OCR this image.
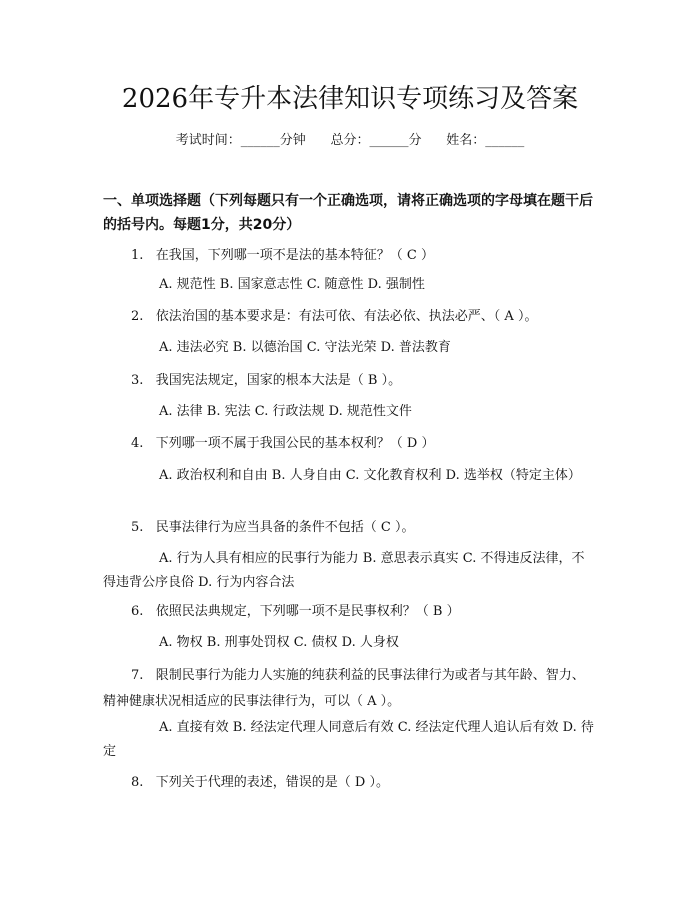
2026年专升本法律知识专项练习及答案
考试时间：______分钟      总分：______分      姓名：______
一、单项选择题（下列每题只有一个正确选项，请将正确选项的字母填在题干后的括号内。每题1分，共20分）
1.   在我国，下列哪一项不是法的基本特征？（ C ）
A. 规范性 B. 国家意志性 C. 随意性 D. 强制性
2.   依法治国的基本要求是：有法可依、有法必依、执法必严、（ A ）。
A. 违法必究 B. 以德治国 C. 守法光荣 D. 普法教育
3.   我国宪法规定，国家的根本大法是（ B ）。
A. 法律 B. 宪法 C. 行政法规 D. 规范性文件
4.   下列哪一项不属于我国公民的基本权利？（ D ）
A. 政治权利和自由 B. 人身自由 C. 文化教育权利 D. 选举权（特定主体）
5.   民事法律行为应当具备的条件不包括（ C ）。
A. 行为人具有相应的民事行为能力 B. 意思表示真实 C. 不得违反法律，不得违背公序良俗 D. 行为内容合法
6.   依照民法典规定，下列哪一项不是民事权利？（ B ）
A. 物权 B. 刑事处罚权 C. 债权 D. 人身权
7.   限制民事行为能力人实施的纯获利益的民事法律行为或者与其年龄、智力、精神健康状况相适应的民事法律行为，可以（ A ）。
A. 直接有效 B. 经法定代理人同意后有效 C. 经法定代理人追认后有效 D. 待定
8.   下列关于代理的表述，错误的是（ D ）。
